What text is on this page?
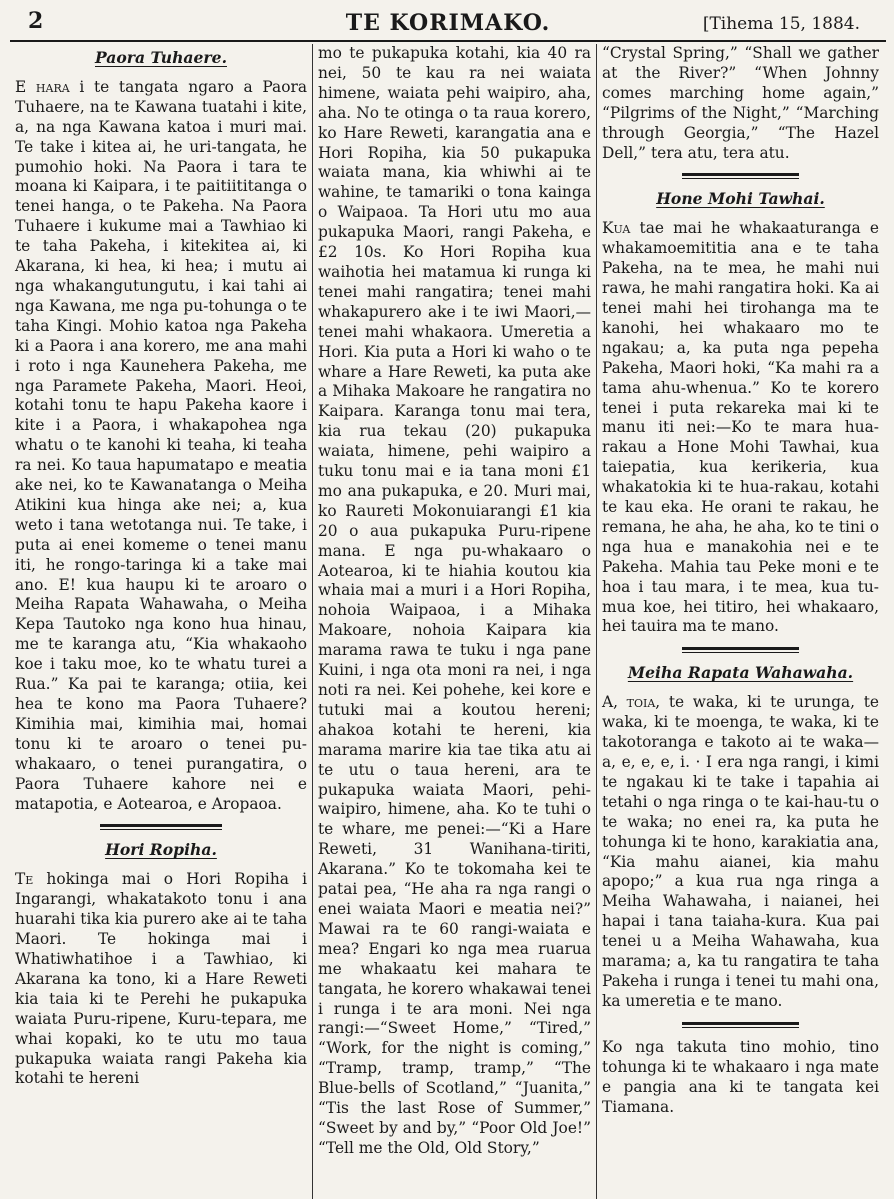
2	TE KORIMAKO.	[Tihema 15, 1884.
Paora Tuhaere.

E hara i te tangata ngaro a Paora Tuhaere, na te Kawana tuatahi i kite, a, na nga Kawana katoa i muri mai. Te take i kitea ai, he uri-tangata, he pumohio hoki. Na Paora i tara te moana ki Kaipara, i te paitiititanga o tenei hanga, o te Pakeha. Na Paora Tuhaere i kukume mai a Tawhiao ki te taha Pakeha, i kitekitea ai, ki Akarana, ki hea, ki hea; i mutu ai nga whakangutungutu, i kai tahi ai nga Kawana, me nga pu-tohunga o te taha Kingi. Mohio katoa nga Pakeha ki a Paora i ana korero, me ana mahi i roto i nga Kaunehera Pakeha, me nga Paramete Pakeha, Maori. Heoi, kotahi tonu te hapu Pakeha kaore i kite i a Paora, i whakapohea nga whatu o te kanohi ki teaha, ki teaha ra nei. Ko taua hapumatapo e meatia ake nei, ko te Kawanatanga o Meiha Atikini kua hinga ake nei; a, kua weto i tana wetotanga nui. Te take, i puta ai enei komeme o tenei manu iti, he rongo-taringa ki a take mai ano. E! kua haupu ki te aroaro o Meiha Rapata Wahawaha, o Meiha Kepa Tautoko nga kono hua hinau, me te karanga atu, “Kia whakaoho koe i taku moe, ko te whatu turei a Rua.” Ka pai te karanga; otiia, kei hea te kono ma Paora Tuhaere? Kimihia mai, kimihia mai, homai tonu ki te aroaro o tenei pu-whakaaro, o tenei purangatira, o Paora Tuhaere kahore nei e matapotia, e Aotearoa, e Aropaoa.

Hori Ropiha.

Te hokinga mai o Hori Ropiha i Ingarangi, whakatakoto tonu i ana huarahi tika kia purero ake ai te taha Maori. Te hokinga mai i Whatiwhatihoe i a Tawhiao, ki Akarana ka tono, ki a Hare Reweti kia taia ki te Perehi he pukapuka waiata Puru-ripene, Kuru-tepara, me whai kopaki, ko te utu mo taua pukapuka waiata rangi Pakeha kia kotahi te hereni

mo te pukapuka kotahi, kia 40 ra nei, 50 te kau ra nei waiata himene, waiata pehi waipiro, aha, aha. No te otinga o ta raua korero, ko Hare Reweti, karangatia ana e Hori Ropiha, kia 50 pukapuka waiata mana, kia whiwhi ai te wahine, te tamariki o tona kainga o Waipaoa. Ta Hori utu mo aua pukapuka Maori, rangi Pakeha, e £2 10s. Ko Hori Ropiha kua waihotia hei matamua ki runga ki tenei mahi rangatira; tenei mahi whakapurero ake i te iwi Maori,—tenei mahi whakaora. Umeretia a Hori. Kia puta a Hori ki waho o te whare a Hare Reweti, ka puta ake a Mihaka Makoare he rangatira no Kaipara. Karanga tonu mai tera, kia rua tekau (20) pukapuka waiata, himene, pehi waipiro a tuku tonu mai e ia tana moni £1 mo ana pukapuka, e 20. Muri mai, ko Raureti Mokonuiarangi £1 kia 20 o aua pukapuka Puru-ripene mana. E nga pu-whakaaro o Aotearoa, ki te hiahia koutou kia whaia mai a muri i a Hori Ropiha, nohoia Waipaoa, i a Mihaka Makoare, nohoia Kaipara kia marama rawa te tuku i nga pane Kuini, i nga ota moni ra nei, i nga noti ra nei. Kei pohehe, kei kore e tutuki mai a koutou hereni; ahakoa kotahi te hereni, kia marama marire kia tae tika atu ai te utu o taua hereni, ara te pukapuka waiata Maori, pehi-waipiro, himene, aha. Ko te tuhi o te whare, me penei:—“Ki a Hare Reweti, 31 Wanihana-tiriti, Akarana.” Ko te tokomaha kei te patai pea, “He aha ra nga rangi o enei waiata Maori e meatia nei?” Mawai ra te 60 rangi-waiata e mea? Engari ko nga mea ruarua me whakaatu kei mahara te tangata, he korero whakawai tenei i runga i te ara moni. Nei nga rangi:—“Sweet Home,” “Tired,” “Work, for the night is coming,” “Tramp, tramp, tramp,” “The Blue-bells of Scotland,” “Juanita,” “Tis the last Rose of Summer,” “Sweet by and by,” “Poor Old Joe!” “Tell me the Old, Old Story,”

“Crystal Spring,” “Shall we gather at the River?” “When Johnny comes marching home again,” “Pilgrims of the Night,” “Marching through Georgia,” “The Hazel Dell,” tera atu, tera atu.

Hone Mohi Tawhai.

Kua tae mai he whakaaturanga e whakamoemititia ana e te taha Pakeha, na te mea, he mahi nui rawa, he mahi rangatira hoki. Ka ai tenei mahi hei tirohanga ma te kanohi, hei whakaaro mo te ngakau; a, ka puta nga pepeha Pakeha, Maori hoki, “Ka mahi ra a tama ahu-whenua.” Ko te korero tenei i puta rekareka mai ki te manu iti nei:—Ko te mara hua-rakau a Hone Mohi Tawhai, kua taiepatia, kua kerikeria, kua whakatokia ki te hua-rakau, kotahi te kau eka. He orani te rakau, he remana, he aha, he aha, ko te tini o nga hua e manakohia nei e te Pakeha. Mahia tau Peke moni e te hoa i tau mara, i te mea, kua tu-mua koe, hei titiro, hei whakaaro, hei tauira ma te mano.

Meiha Rapata Wahawaha.

A, toia, te waka, ki te urunga, te waka, ki te moenga, te waka, ki te takotoranga e takoto ai te waka—a, e, e, e, i. · I era nga rangi, i kimi te ngakau ki te take i tapahia ai tetahi o nga ringa o te kai-hau-tu o te waka; no enei ra, ka puta he tohunga ki te hono, karakiatia ana, “Kia mahu aianei, kia mahu apopo;” a kua rua nga ringa a Meiha Wahawaha, i naianei, hei hapai i tana taiaha-kura. Kua pai tenei u a Meiha Wahawaha, kua marama; a, ka tu rangatira te taha Pakeha i runga i tenei tu mahi ona, ka umeretia e te mano.

Ko nga takuta tino mohio, tino tohunga ki te whakaaro i nga mate e pangia ana ki te tangata kei Tiamana.
